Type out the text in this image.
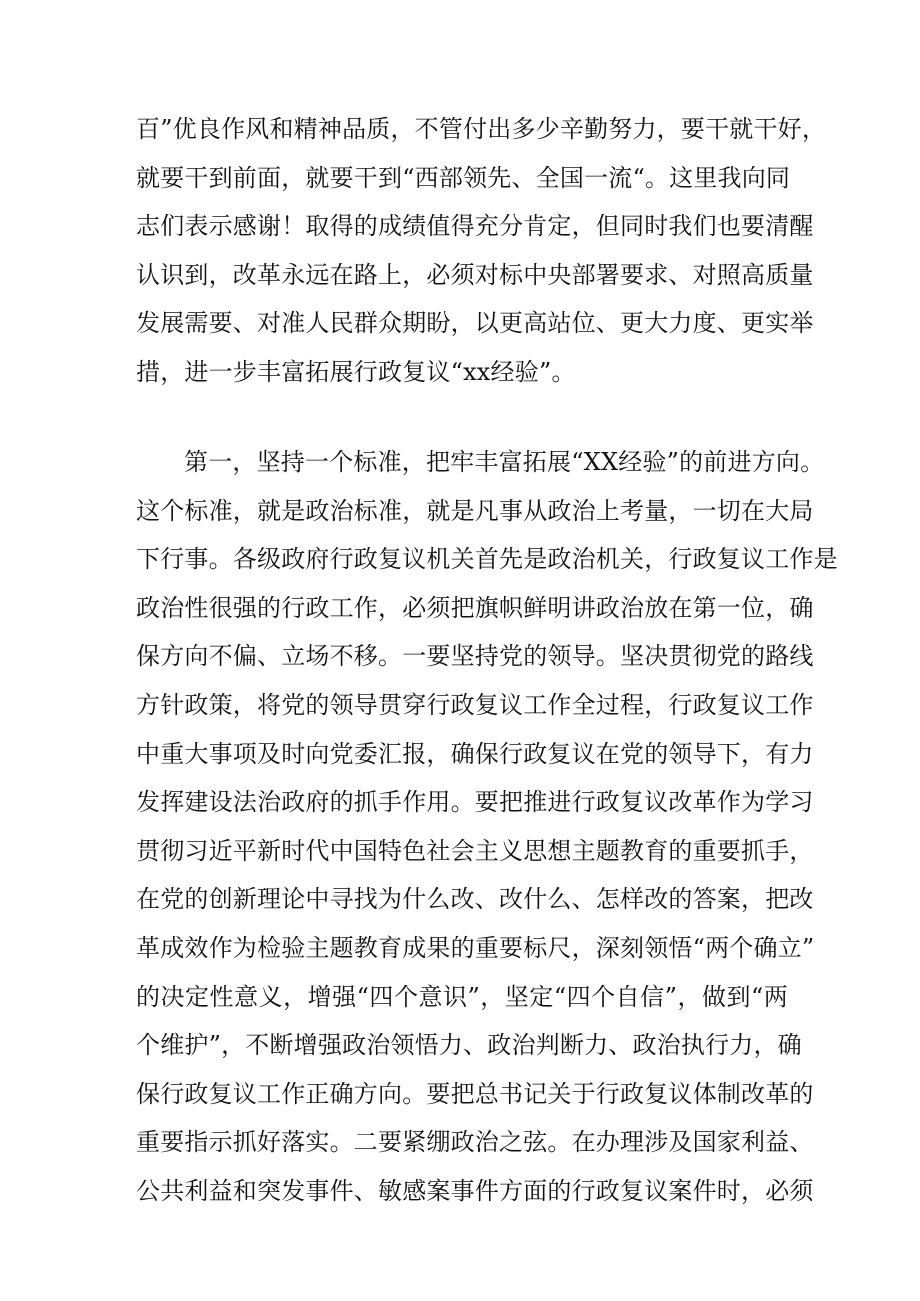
百”优良作风和精神品质，不管付出多少辛勤努力，要干就干好，
就要干到前面，就要干到“西部领先、全国一流“。这里我向同
志们表示感谢！取得的成绩值得充分肯定，但同时我们也要清醒
认识到，改革永远在路上，必须对标中央部署要求、对照高质量
发展需要、对准人民群众期盼，以更高站位、更大力度、更实举
措，进一步丰富拓展行政复议“xx经验”。
第一，坚持一个标准，把牢丰富拓展“XX经验”的前进方向。
这个标准，就是政治标准，就是凡事从政治上考量，一切在大局
下行事。各级政府行政复议机关首先是政治机关，行政复议工作是
政治性很强的行政工作，必须把旗帜鲜明讲政治放在第一位，确
保方向不偏、立场不移。一要坚持党的领导。坚决贯彻党的路线
方针政策，将党的领导贯穿行政复议工作全过程，行政复议工作
中重大事项及时向党委汇报，确保行政复议在党的领导下，有力
发挥建设法治政府的抓手作用。要把推进行政复议改革作为学习
贯彻习近平新时代中国特色社会主义思想主题教育的重要抓手，
在党的创新理论中寻找为什么改、改什么、怎样改的答案，把改
革成效作为检验主题教育成果的重要标尺，深刻领悟“两个确立”
的决定性意义，增强“四个意识”，坚定“四个自信”，做到“两
个维护”，不断增强政治领悟力、政治判断力、政治执行力，确
保行政复议工作正确方向。要把总书记关于行政复议体制改革的
重要指示抓好落实。二要紧绷政治之弦。在办理涉及国家利益、
公共利益和突发事件、敏感案事件方面的行政复议案件时，必须
